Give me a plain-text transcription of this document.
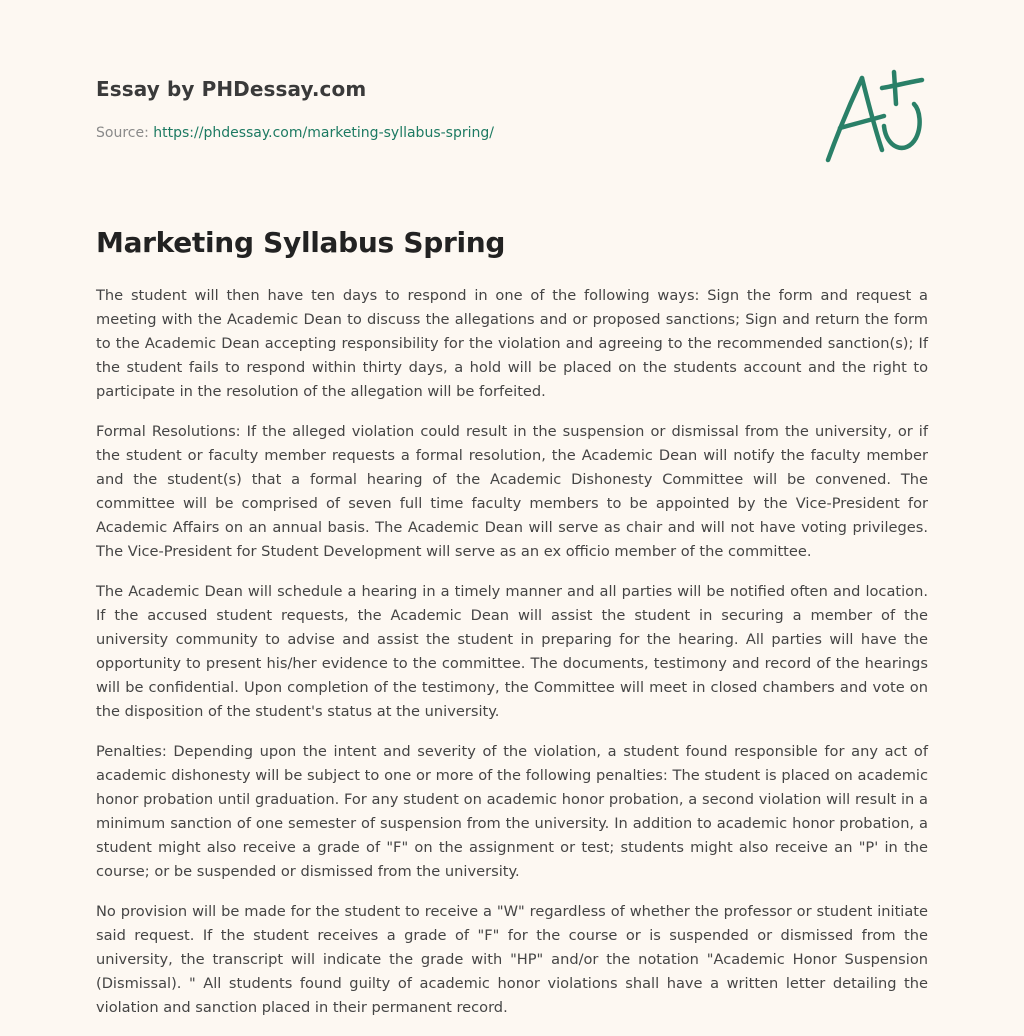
Essay by PHDessay.com

Source: https://phdessay.com/marketing-syllabus-spring/

Marketing Syllabus Spring

The student will then have ten days to respond in one of the following ways: Sign the form and request a meeting with the Academic Dean to discuss the allegations and or proposed sanctions; Sign and return the form to the Academic Dean accepting responsibility for the violation and agreeing to the recommended sanction(s); If the student fails to respond within thirty days, a hold will be placed on the students account and the right to participate in the resolution of the allegation will be forfeited.

Formal Resolutions: If the alleged violation could result in the suspension or dismissal from the university, or if the student or faculty member requests a formal resolution, the Academic Dean will notify the faculty member and the student(s) that a formal hearing of the Academic Dishonesty Committee will be convened. The committee will be comprised of seven full time faculty members to be appointed by the Vice-President for Academic Affairs on an annual basis. The Academic Dean will serve as chair and will not have voting privileges. The Vice-President for Student Development will serve as an ex officio member of the committee.

The Academic Dean will schedule a hearing in a timely manner and all parties will be notified often and location. If the accused student requests, the Academic Dean will assist the student in securing a member of the university community to advise and assist the student in preparing for the hearing. All parties will have the opportunity to present his/her evidence to the committee. The documents, testimony and record of the hearings will be confidential. Upon completion of the testimony, the Committee will meet in closed chambers and vote on the disposition of the student's status at the university.

Penalties: Depending upon the intent and severity of the violation, a student found responsible for any act of academic dishonesty will be subject to one or more of the following penalties: The student is placed on academic honor probation until graduation. For any student on academic honor probation, a second violation will result in a minimum sanction of one semester of suspension from the university. In addition to academic honor probation, a student might also receive a grade of "F" on the assignment or test; students might also receive an "P' in the course; or be suspended or dismissed from the university.

No provision will be made for the student to receive a "W" regardless of whether the professor or student initiate said request. If the student receives a grade of "F" for the course or is suspended or dismissed from the university, the transcript will indicate the grade with "HP" and/or the notation "Academic Honor Suspension (Dismissal). " All students found guilty of academic honor violations shall have a written letter detailing the violation and sanction placed in their permanent record.
